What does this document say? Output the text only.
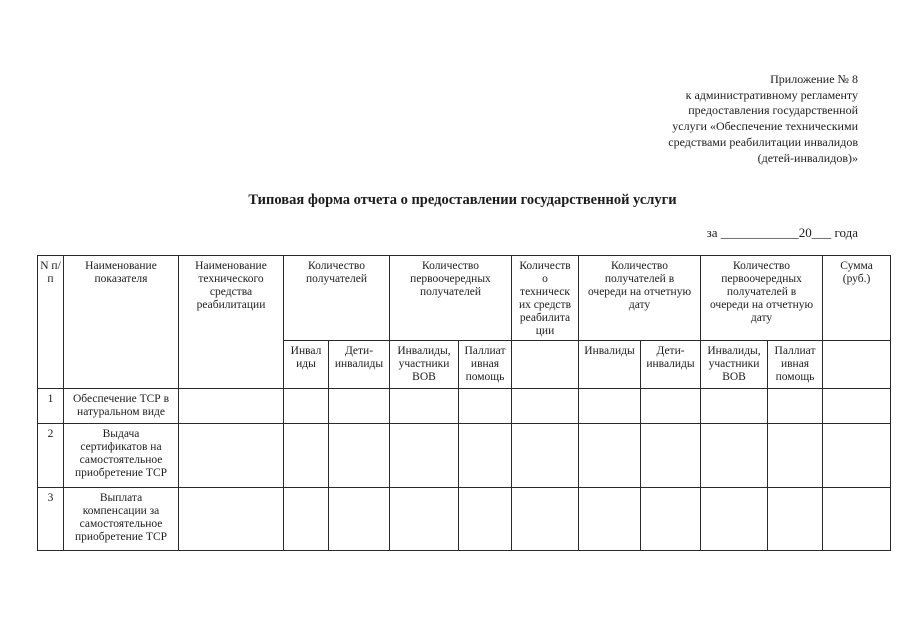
Приложение № 8
к административному регламенту
предоставления государственной
услуги «Обеспечение техническими
средствами реабилитации инвалидов
(детей-инвалидов)»
Типовая форма отчета о предоставлении государственной услуги
за ____________20___ года
N п/п	Наименование показателя	Наименование технического средства реабилитации	Количество получателей		Количество первоочередных получателей		Количество технических средств реабилитации	Количество получателей в очереди на отчетную дату		Количество первоочередных получателей в очереди на отчетную дату		Сумма (руб.)
			Инвалиды	Дети-инвалиды	Инвалиды, участники ВОВ	Паллиативная помощь		Инвалиды	Дети-инвалиды	Инвалиды, участники ВОВ	Паллиативная помощь	
1	Обеспечение ТСР в натуральном виде											
2	Выдача сертификатов на самостоятельное приобретение ТСР											
3	Выплата компенсации за самостоятельное приобретение ТСР											
